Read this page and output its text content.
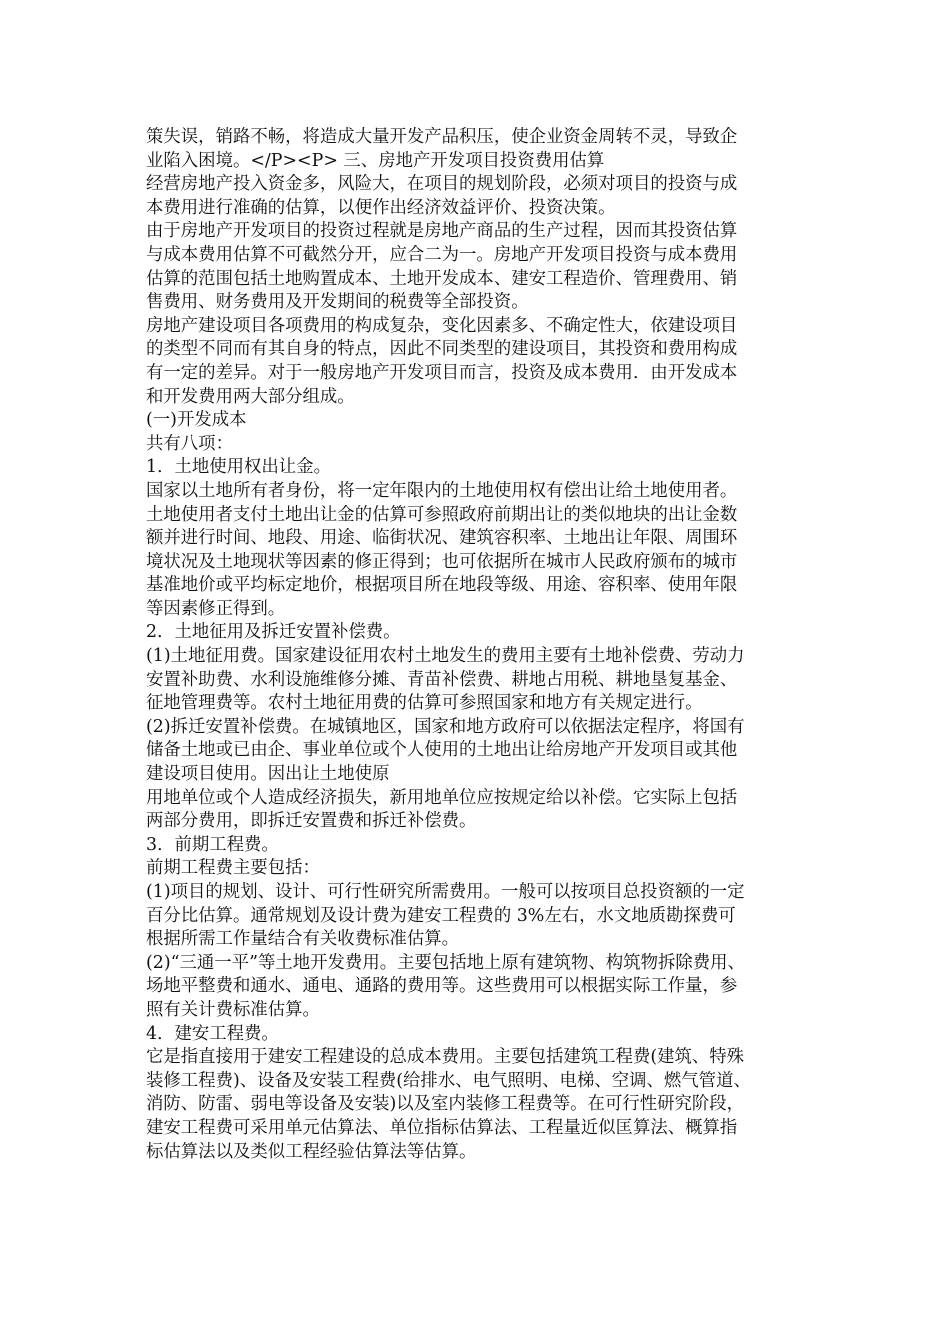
策失误，销路不畅，将造成大量开发产品积压，使企业资金周转不灵，导致企
业陷入困境。</P><P> 三、房地产开发项目投资费用估算
经营房地产投入资金多，风险大，在项目的规划阶段，必须对项目的投资与成
本费用进行准确的估算，以便作出经济效益评价、投资决策。
由于房地产开发项目的投资过程就是房地产商品的生产过程，因而其投资估算
与成本费用估算不可截然分开，应合二为一。房地产开发项目投资与成本费用
估算的范围包括土地购置成本、土地开发成本、建安工程造价、管理费用、销
售费用、财务费用及开发期间的税费等全部投资。
房地产建设项目各项费用的构成复杂，变化因素多、不确定性大，依建设项目
的类型不同而有其自身的特点，因此不同类型的建设项目，其投资和费用构成
有一定的差异。对于一般房地产开发项目而言，投资及成本费用．由开发成本
和开发费用两大部分组成。
(一)开发成本
共有八项：
1．土地使用权出让金。
国家以土地所有者身份，将一定年限内的土地使用权有偿出让给土地使用者。
土地使用者支付土地出让金的估算可参照政府前期出让的类似地块的出让金数
额并进行时间、地段、用途、临街状况、建筑容积率、土地出让年限、周围环
境状况及土地现状等因素的修正得到；也可依据所在城市人民政府颁布的城市
基准地价或平均标定地价，根据项目所在地段等级、用途、容积率、使用年限
等因素修正得到。
2．土地征用及拆迁安置补偿费。
(1)土地征用费。国家建设征用农村土地发生的费用主要有土地补偿费、劳动力
安置补助费、水利设施维修分摊、青苗补偿费、耕地占用税、耕地垦复基金、
征地管理费等。农村土地征用费的估算可参照国家和地方有关规定进行。
(2)拆迁安置补偿费。在城镇地区，国家和地方政府可以依据法定程序，将国有
储备土地或已由企、事业单位或个人使用的土地出让给房地产开发项目或其他
建设项目使用。因出让土地使原
用地单位或个人造成经济损失，新用地单位应按规定给以补偿。它实际上包括
两部分费用，即拆迁安置费和拆迁补偿费。
3．前期工程费。
前期工程费主要包括：
(1)项目的规划、设计、可行性研究所需费用。一般可以按项目总投资额的一定
百分比估算。通常规划及设计费为建安工程费的 3%左右，水文地质勘探费可
根据所需工作量结合有关收费标准估算。
(2)“三通一平”等土地开发费用。主要包括地上原有建筑物、构筑物拆除费用、
场地平整费和通水、通电、通路的费用等。这些费用可以根据实际工作量，参
照有关计费标准估算。
4．建安工程费。
它是指直接用于建安工程建设的总成本费用。主要包括建筑工程费(建筑、特殊
装修工程费)、设备及安装工程费(给排水、电气照明、电梯、空调、燃气管道、
消防、防雷、弱电等设备及安装)以及室内装修工程费等。在可行性研究阶段，
建安工程费可采用单元估算法、单位指标估算法、工程量近似匡算法、概算指
标估算法以及类似工程经验估算法等估算。
